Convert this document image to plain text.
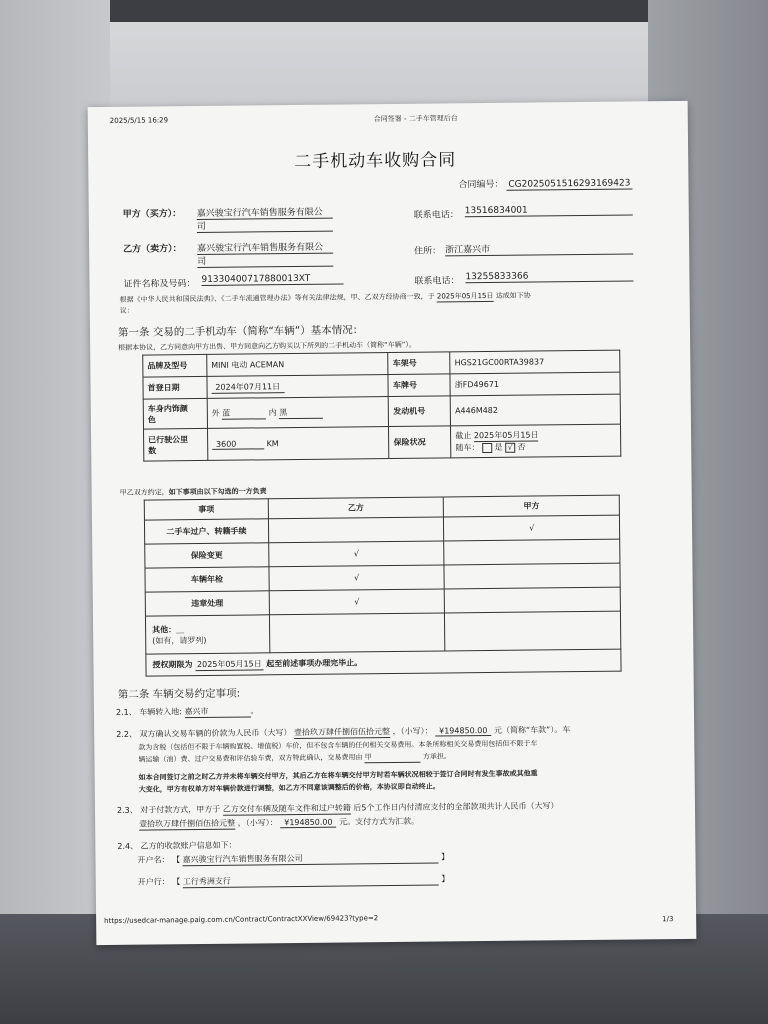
2025/5/15 16:29	合同签署 - 二手车管理后台
二手机动车收购合同
合同编号： CG2025051516293169423
甲方（买方）： 嘉兴骏宝行汽车销售服务有限公
司
联系电话： 13516834001
乙方（卖方）： 嘉兴骏宝行汽车销售服务有限公
司
住所： 浙江嘉兴市
证件名称及号码： 91330400717880013XT	联系电话： 13255833366
根据《中华人民共和国民法典》、《二手车流通管理办法》等有关法律法规，甲、乙双方经协商一致，于 2025年05月15日 达成如下协
议：
第一条 交易的二手机动车（简称“车辆”）基本情况：
根据本协议，乙方同意向甲方出售、甲方同意向乙方购买以下所列的二手机动车（简称“车辆”）。
品牌及型号	MINI 电动 ACEMAN	车架号	HGS21GC00RTA39837
首登日期	2024年07月11日	车牌号	浙FD49671
车身内饰颜
色	外 蓝 内 黑	发动机号	A446M482
已行驶公里
数	3600 KM	保险状况	截止 2025年05月15日
随车： 是 √ 否
甲乙双方约定，如下事项由以下勾选的一方负责
事项	乙方	甲方
二手车过户、转籍手续		√
保险变更	√	
车辆年检	√	
违章处理	√	
其他：＿
(如有，请罗列)		
授权期限为 2025年05月15日 起至前述事项办理完毕止。		
第二条 车辆交易约定事项:
2.1、 车辆转入地: 嘉兴市	。
2.2、 双方确认交易车辆的价款为人民币（大写） 壹拾玖万肆仟捌佰伍拾元整 ，（小写）： ¥194850.00 元（简称“车款”）。车
款为含税（包括但不限于车辆购置税、增值税）车价，但不包含车辆的任何相关交易费用。本条所称相关交易费用包括但不限于车
辆运输（油）费、过户交易费和评估验车费，双方特此确认，交易费用由 甲	方承担。
如本合同签订之前之时乙方并未将车辆交付甲方，其后乙方在将车辆交付甲方时若车辆状况相较于签订合同时有发生事故或其他重
大变化，甲方有权单方对车辆价款进行调整，如乙方不同意该调整后的价格，本协议即自动终止。
2.3、 对于付款方式，甲方于 乙方交付车辆及随车文件和过户转籍 后5个工作日内付清应支付的全部款项共计人民币（大写）
壹拾玖万肆仟捌佰伍拾元整 ，（小写）： ¥194850.00 元。支付方式为汇款。
2.4、 乙方的收款账户信息如下：
开户名： 【 嘉兴骏宝行汽车销售服务有限公司	】
开户行： 【 工行秀洲支行	】
https://usedcar-manage.paig.com.cn/Contract/ContractXXView/69423?type=2	1/3
